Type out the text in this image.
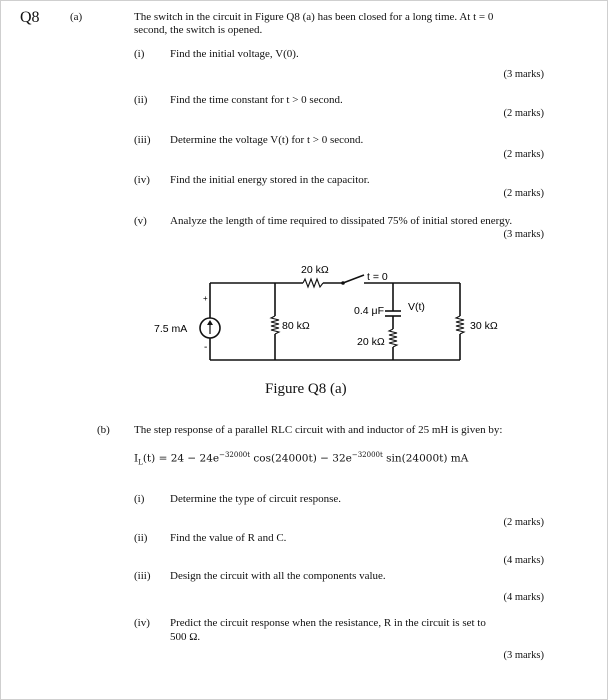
Q8	(a)	The switch in the circuit in Figure Q8 (a) has been closed for a long time. At t = 0
second, the switch is opened.
(i) Find the initial voltage, V(0).
(3 marks)
(ii) Find the time constant for t > 0 second.
(2 marks)
(iii) Determine the voltage V(t) for t > 0 second.
(2 marks)
(iv) Find the initial energy stored in the capacitor.
(2 marks)
(v) Analyze the length of time required to dissipated 75% of initial stored energy.
(3 marks)
+
-
7.5 mA
20 kΩ
t = 0
80 kΩ
0.4 μF V(t)
20 kΩ
30 kΩ
Figure Q8 (a)
(b) The step response of a parallel RLC circuit with and inductor of 25 mH is given by:
$I_L(t) = 24 - 24e^{-32000t}$ $\cos(24000t) - 32e^{-32000t}$ sin(24000t) mA
(i) Determine the type of circuit response.
(2 marks)
(ii) Find the value of R and C.
(4 marks)
(iii) Design the circuit with all the components value.
(4 marks)
(iv) Predict the circuit response when the resistance, R in the circuit is set to
500 Ω.
(3 marks)
